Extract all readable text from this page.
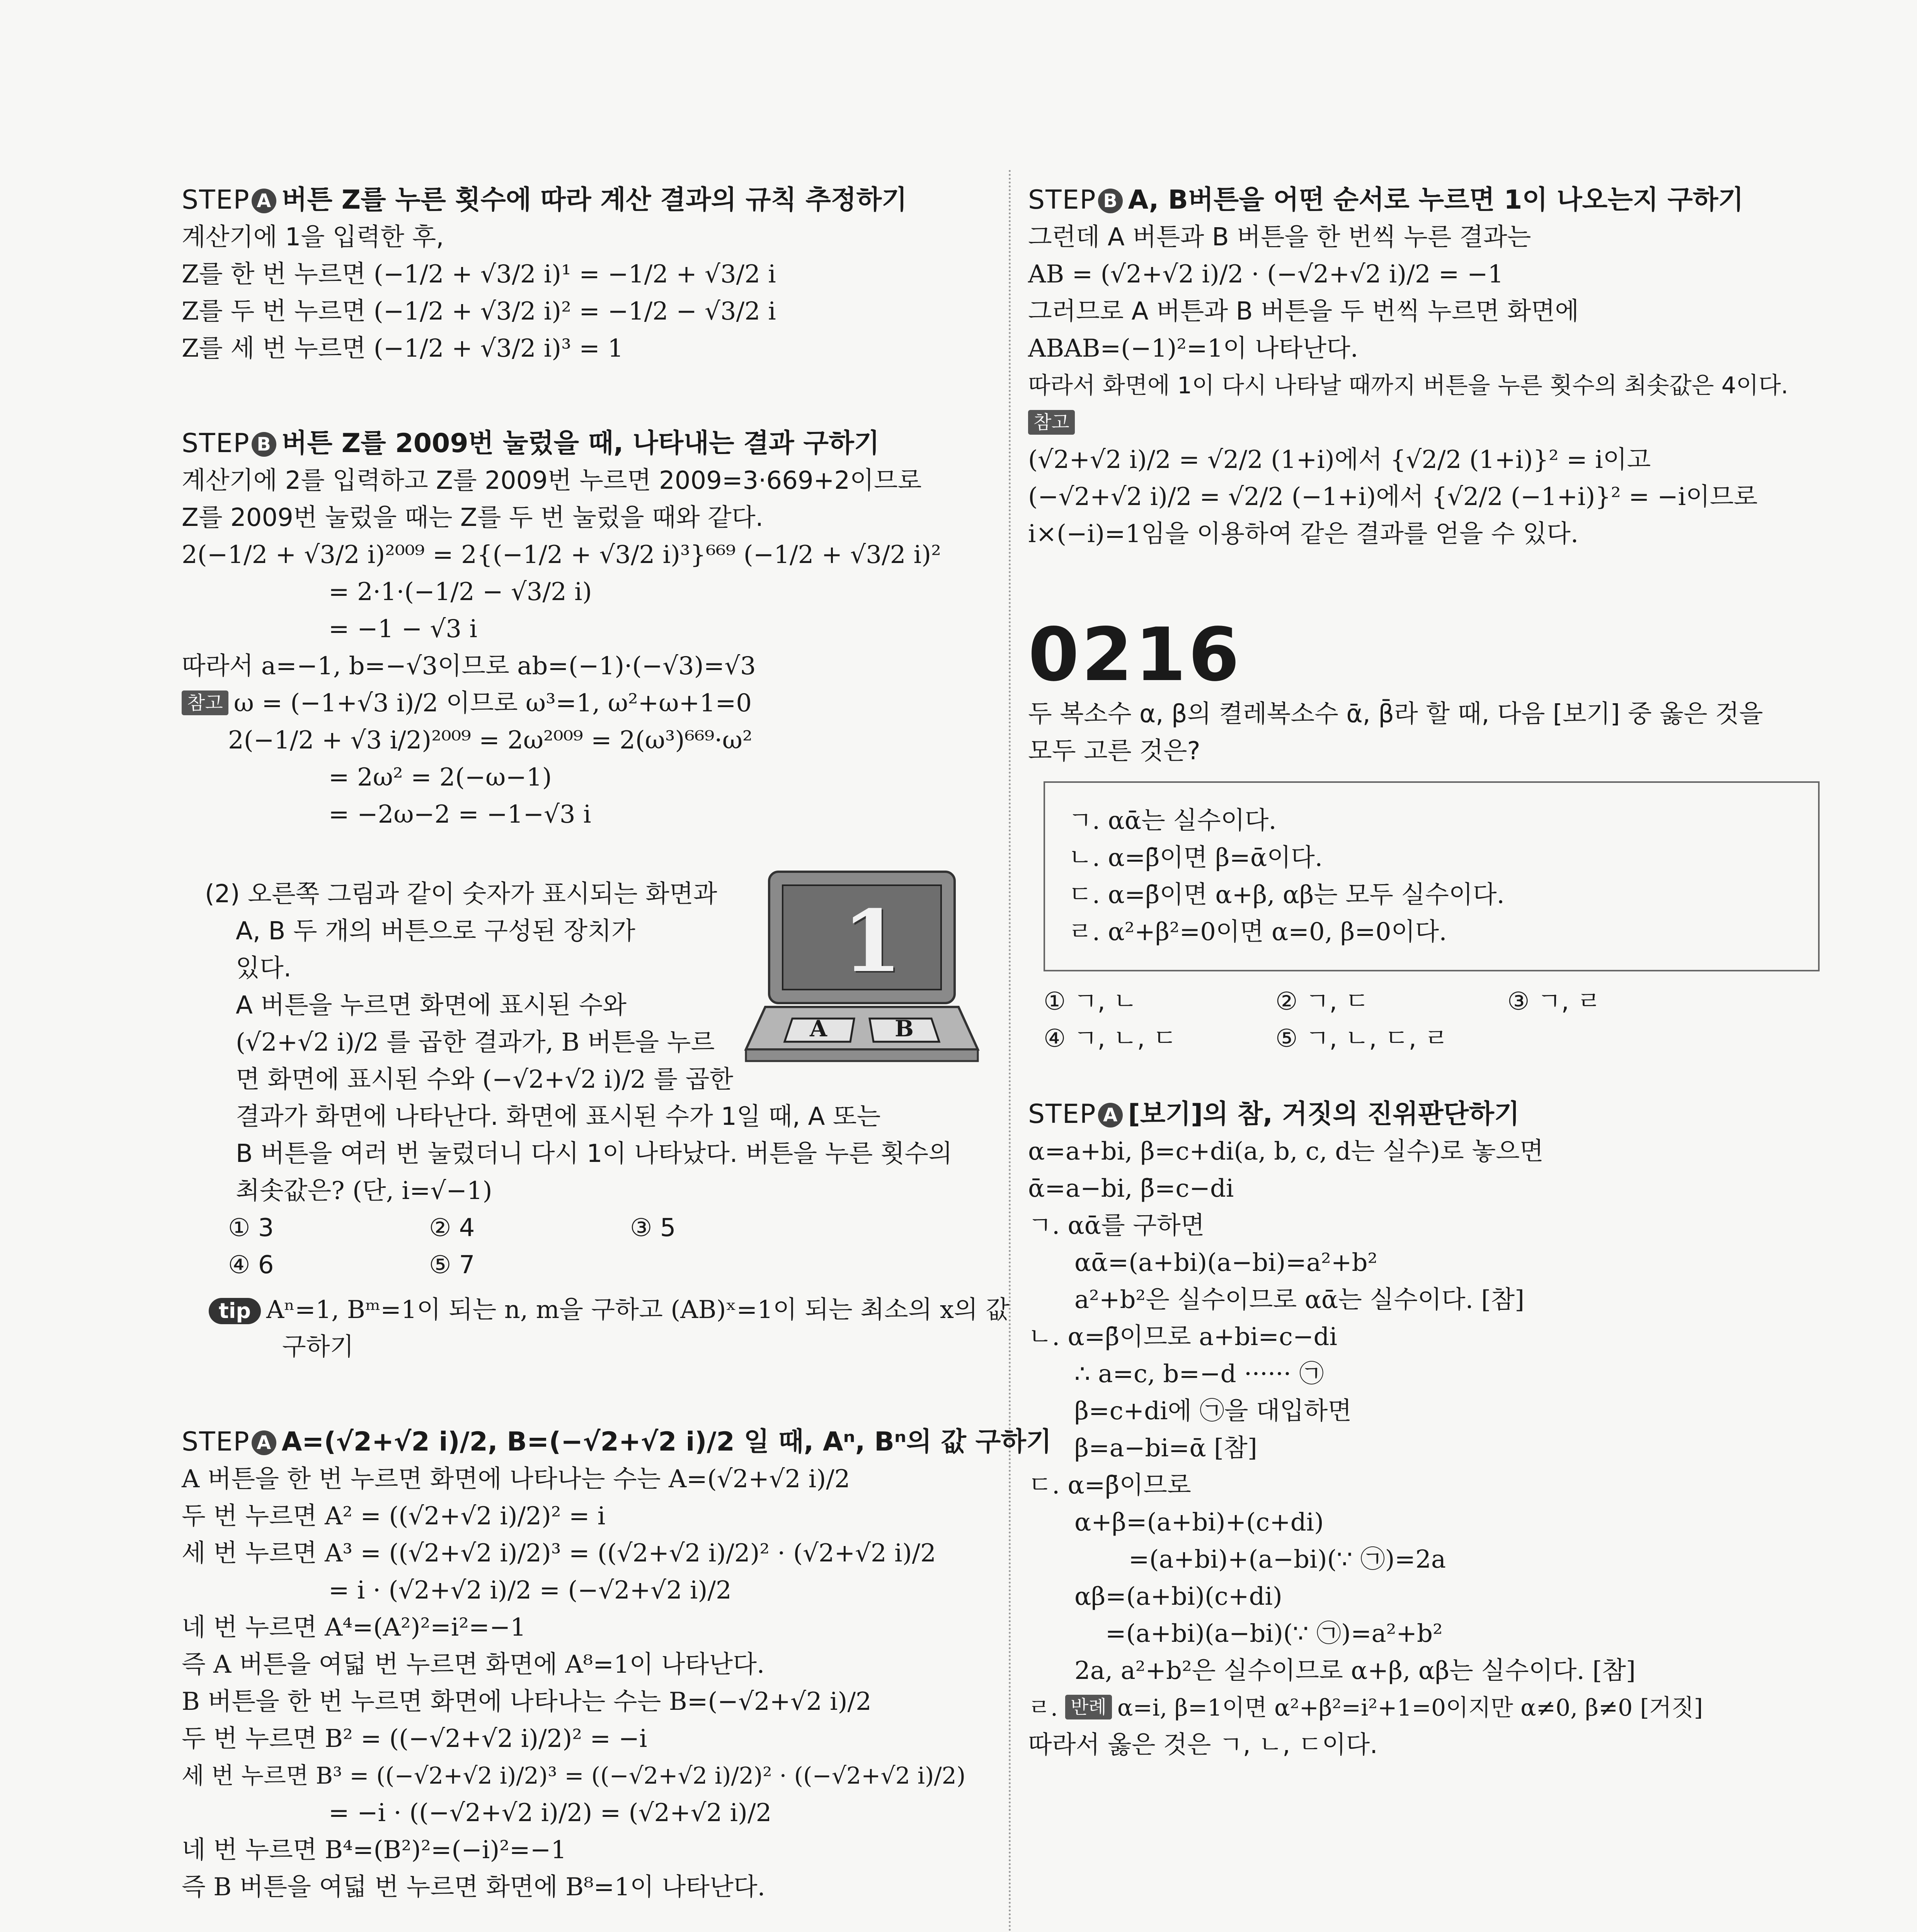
STEP A 버튼 Z를 누른 횟수에 따라 계산 결과의 규칙 추정하기
계산기에 1을 입력한 후,
Z를 한 번 누르면 (−1/2 + √3/2 i)¹ = −1/2 + √3/2 i
Z를 두 번 누르면 (−1/2 + √3/2 i)² = −1/2 − √3/2 i
Z를 세 번 누르면 (−1/2 + √3/2 i)³ = 1
STEP B 버튼 Z를 2009번 눌렀을 때, 나타내는 결과 구하기
계산기에 2를 입력하고 Z를 2009번 누르면 2009=3·669+2이므로
Z를 2009번 눌렀을 때는 Z를 두 번 눌렀을 때와 같다.
2(−1/2 + √3/2 i)²⁰⁰⁹ = 2{(−1/2 + √3/2 i)³}⁶⁶⁹ (−1/2 + √3/2 i)²
= 2·1·(−1/2 − √3/2 i)
= −1 − √3 i
따라서 a=−1, b=−√3이므로 ab=(−1)·(−√3)=√3
참고 ω = (−1+√3 i)/2 이므로 ω³=1, ω²+ω+1=0
2(−1/2 + √3 i/2)²⁰⁰⁹ = 2ω²⁰⁰⁹ = 2(ω³)⁶⁶⁹·ω²
= 2ω² = 2(−ω−1)
= −2ω−2 = −1−√3 i
(2) 오른쪽 그림과 같이 숫자가 표시되는 화면과
A, B 두 개의 버튼으로 구성된 장치가
있다.
A 버튼을 누르면 화면에 표시된 수와
(√2+√2 i)/2 를 곱한 결과가, B 버튼을 누르
면 화면에 표시된 수와 (−√2+√2 i)/2 를 곱한
결과가 화면에 나타난다. 화면에 표시된 수가 1일 때, A 또는
B 버튼을 여러 번 눌렀더니 다시 1이 나타났다. 버튼을 누른 횟수의
최솟값은? (단, i=√−1)
① 3	② 4	③ 5
④ 6	⑤ 7
tip Aⁿ=1, Bᵐ=1이 되는 n, m을 구하고 (AB)ˣ=1이 되는 최소의 x의 값
구하기
1
A	B
STEP A A=(√2+√2 i)/2, B=(−√2+√2 i)/2 일 때, Aⁿ, Bⁿ의 값 구하기
A 버튼을 한 번 누르면 화면에 나타나는 수는 A=(√2+√2 i)/2
두 번 누르면 A² = ((√2+√2 i)/2)² = i
세 번 누르면 A³ = ((√2+√2 i)/2)³ = ((√2+√2 i)/2)² · (√2+√2 i)/2
= i · (√2+√2 i)/2 = (−√2+√2 i)/2
네 번 누르면 A⁴=(A²)²=i²=−1
즉 A 버튼을 여덟 번 누르면 화면에 A⁸=1이 나타난다.
B 버튼을 한 번 누르면 화면에 나타나는 수는 B=(−√2+√2 i)/2
두 번 누르면 B² = ((−√2+√2 i)/2)² = −i
세 번 누르면 B³ = ((−√2+√2 i)/2)³ = ((−√2+√2 i)/2)² · ((−√2+√2 i)/2)
= −i · ((−√2+√2 i)/2) = (√2+√2 i)/2
네 번 누르면 B⁴=(B²)²=(−i)²=−1
즉 B 버튼을 여덟 번 누르면 화면에 B⁸=1이 나타난다.
STEP B A, B버튼을 어떤 순서로 누르면 1이 나오는지 구하기
그런데 A 버튼과 B 버튼을 한 번씩 누른 결과는
AB = (√2+√2 i)/2 · (−√2+√2 i)/2 = −1
그러므로 A 버튼과 B 버튼을 두 번씩 누르면 화면에
ABAB=(−1)²=1이 나타난다.
따라서 화면에 1이 다시 나타날 때까지 버튼을 누른 횟수의 최솟값은 4이다.
참고
(√2+√2 i)/2 = √2/2 (1+i)에서 {√2/2 (1+i)}² = i이고
(−√2+√2 i)/2 = √2/2 (−1+i)에서 {√2/2 (−1+i)}² = −i이므로
i×(−i)=1임을 이용하여 같은 결과를 얻을 수 있다.
0216
두 복소수 α, β의 켤레복소수 ᾱ, β̄라 할 때, 다음 [보기] 중 옳은 것을
모두 고른 것은?
ㄱ. αᾱ는 실수이다.
ㄴ. α=β̄이면 β=ᾱ이다.
ㄷ. α=β̄이면 α+β, αβ는 모두 실수이다.
ㄹ. α²+β²=0이면 α=0, β=0이다.
① ㄱ, ㄴ	② ㄱ, ㄷ	③ ㄱ, ㄹ
④ ㄱ, ㄴ, ㄷ	⑤ ㄱ, ㄴ, ㄷ, ㄹ
STEP A [보기]의 참, 거짓의 진위판단하기
α=a+bi, β=c+di(a, b, c, d는 실수)로 놓으면
ᾱ=a−bi, β̄=c−di
ㄱ. αᾱ를 구하면
αᾱ=(a+bi)(a−bi)=a²+b²
a²+b²은 실수이므로 αᾱ는 실수이다. [참]
ㄴ. α=β̄이므로 a+bi=c−di
∴ a=c, b=−d ······ ㉠
β=c+di에 ㉠을 대입하면
β=a−bi=ᾱ [참]
ㄷ. α=β̄이므로
α+β=(a+bi)+(c+di)
=(a+bi)+(a−bi)(∵ ㉠)=2a
αβ=(a+bi)(c+di)
=(a+bi)(a−bi)(∵ ㉠)=a²+b²
2a, a²+b²은 실수이므로 α+β, αβ는 실수이다. [참]
ㄹ. 반례 α=i, β=1이면 α²+β²=i²+1=0이지만 α≠0, β≠0 [거짓]
따라서 옳은 것은 ㄱ, ㄴ, ㄷ이다.
